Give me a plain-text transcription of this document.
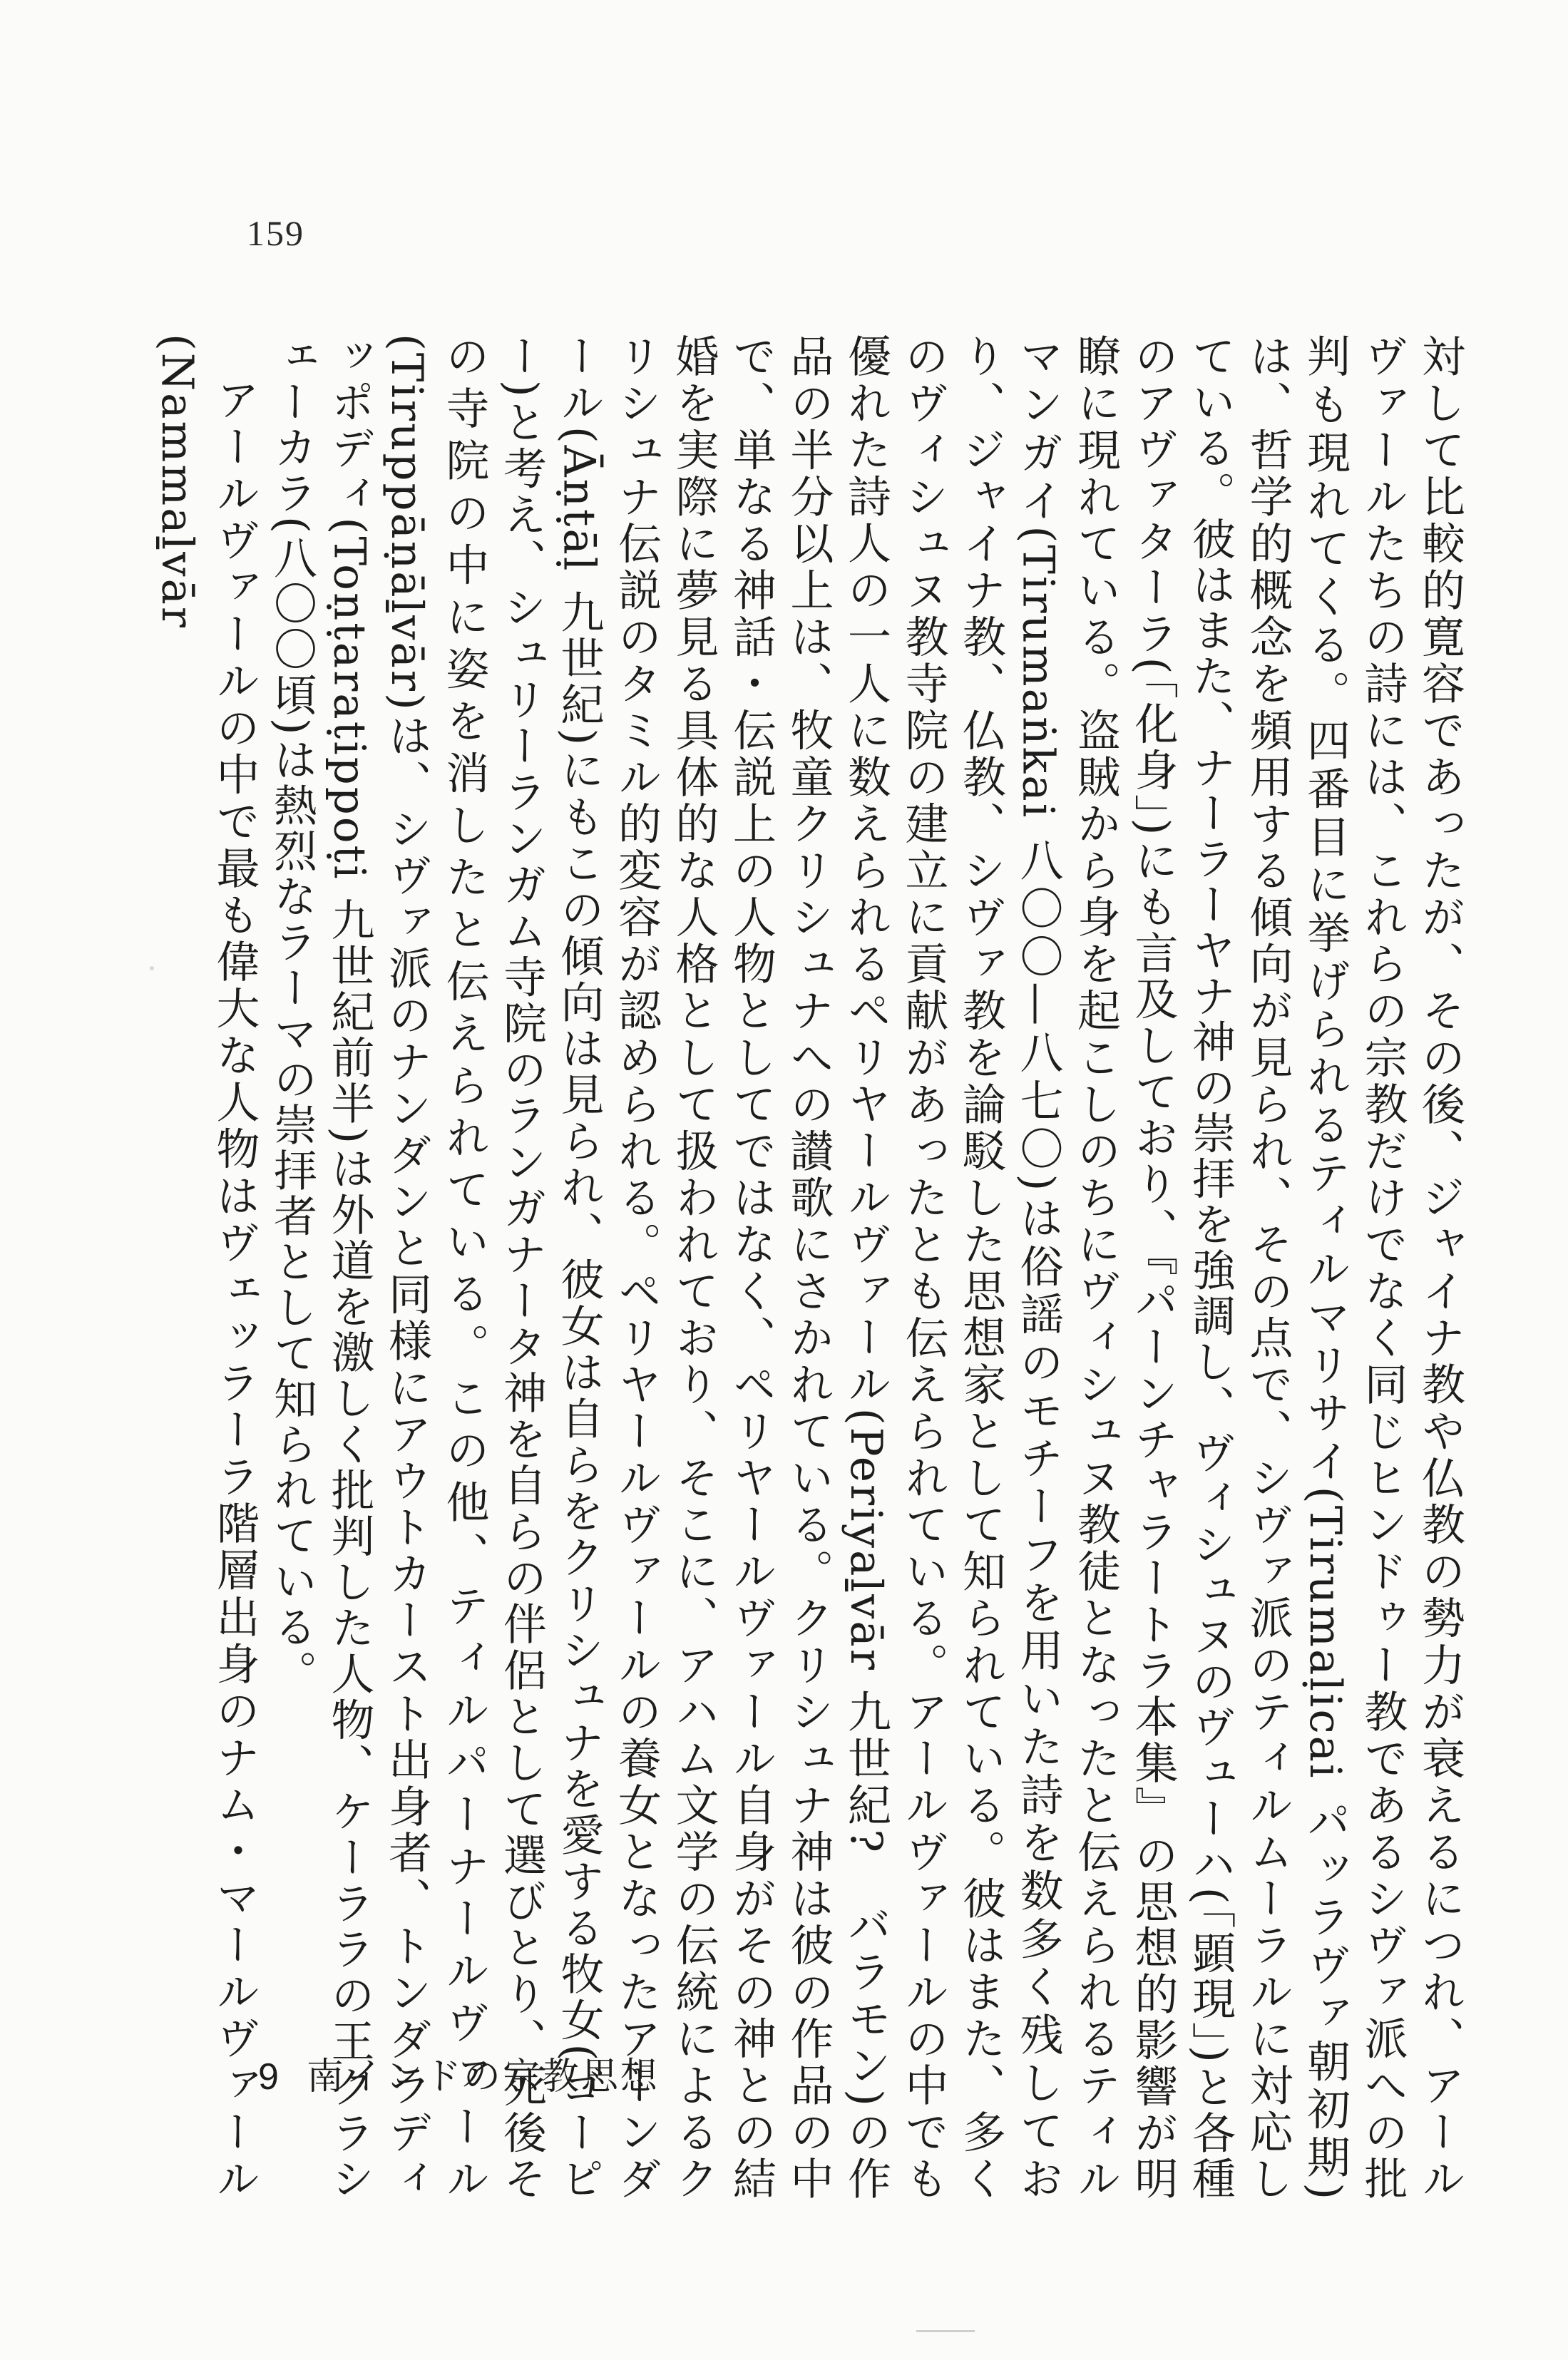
159

対して比較的寛容であったが、その後、ジャイナ教や仏教の勢力が衰えるにつれ、アールヴァールたちの詩には、これらの宗教だけでなく同じヒンドゥー教であるシヴァ派への批判も現れてくる。四番目に挙げられるティルマリサイ(Tirumaḷicai パッラヴァ朝初期)は、哲学的概念を頻用する傾向が見られ、その点で、シヴァ派のティルムーラルに対応している。彼はまた、ナーラーヤナ神の崇拝を強調し、ヴィシュヌのヴューハ(「顕現」)と各種のアヴァターラ(「化身」)にも言及しており、『パーンチャラートラ本集』の思想的影響が明瞭に現れている。盗賊から身を起こしのちにヴィシュヌ教徒となったと伝えられるティルマンガイ(Tirumaṅkai 八〇〇—八七〇)は俗謡のモチーフを用いた詩を数多く残しており、ジャイナ教、仏教、シヴァ教を論駁した思想家として知られている。彼はまた、多くのヴィシュヌ教寺院の建立に貢献があったとも伝えられている。アールヴァールの中でも優れた詩人の一人に数えられるペリヤールヴァール(Periyaḻvār 九世紀?　バラモン)の作品の半分以上は、牧童クリシュナへの讃歌にさかれている。クリシュナ神は彼の作品の中で、単なる神話・伝説上の人物としてではなく、ペリヤールヴァール自身がその神との結婚を実際に夢見る具体的な人格として扱われており、そこに、アハム文学の伝統によるクリシュナ伝説のタミル的変容が認められる。ペリヤールヴァールの養女となったアーンダール(Āṇṭāḷ 九世紀)にもこの傾向は見られ、彼女は自らをクリシュナを愛する牧女(ゴーピー)と考え、シュリーランガム寺院のランガナータ神を自らの伴侶として選びとり、死後その寺院の中に姿を消したと伝えられている。この他、ティルパーナールヴァール(Tiruppāṇāḻvār)は、シヴァ派のナンダンと同様にアウトカースト出身者、トンダラディッポディ(Toṇṭaraṭippoṭi 九世紀前半)は外道を激しく批判した人物、ケーララの王クラシェーカラ(八〇〇頃)は熱烈なラーマの崇拝者として知られている。

アールヴァールの中で最も偉大な人物はヴェッラーラ階層出身のナム・マールヴァール(Nammaḻvār

9 南インドの宗教思想
